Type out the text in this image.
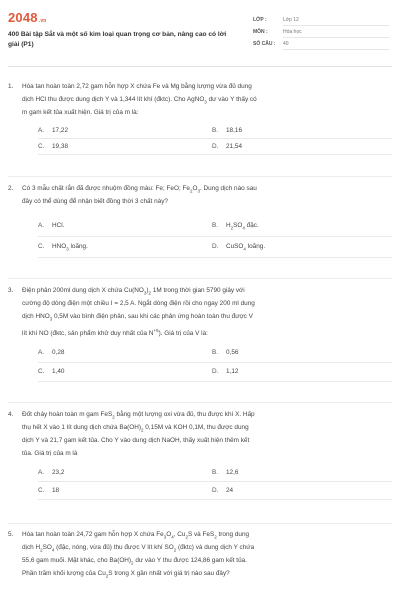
2048.vn
400 Bài tập Sắt và một số kim loại quan trọng cơ bản, nâng cao có lời giải (P1)
LỚP :	Lớp 12
MÔN :	Hóa học
SỐ CÂU :	40
1. Hòa tan hoàn toàn 2,72 gam hỗn hợp X chứa Fe và Mg bằng lượng vừa đủ dung
dịch HCl thu được dung dịch Y và 1,344 lít khí (đktc). Cho AgNO$_3$ dư vào Y thấy có
m gam kết tủa xuất hiện. Giá trị của m là:
A. 17,22	B. 18,16
C. 19,38	D. 21,54
2. Có 3 mẫu chất rắn đã được nhuộm đồng màu: Fe; FeO; $Fe_2O_3$. Dung dịch nào sau
đây có thể dùng để nhận biết đồng thời 3 chất này?
A. HCl.	B. $H_2SO_4$ đặc.
C. $HNO_3$ loãng.	D. CuSO$_4$ loãng.
3. Điện phân 200ml dung dịch X chứa $Cu(NO_3)_2$ 1M trong thời gian 5790 giây với
cường độ dòng điện một chiều I = 2,5 A. Ngắt dòng điện rồi cho ngay 200 ml dung
dịch $HNO_3$ 0,5M vào bình điện phân, sau khi các phản ứng hoàn toàn thu được V
lít khí NO (đktc, sản phẩm khử duy nhất của $N^{+5}$). Giá trị của V là:
A. 0,28	B. 0,56
C. 1,40	D. 1,12
4. Đốt cháy hoàn toàn m gam FeS$_2$ bằng một lượng oxi vừa đủ, thu được khí X. Hấp
thụ hết X vào 1 lít dung dịch chứa $Ba(OH)_2$ 0,15M và KOH 0,1M, thu được dung
dịch Y và 21,7 gam kết tủa. Cho Y vào dung dịch NaOH, thấy xuất hiện thêm kết
tủa. Giá trị của m là
A. 23,2	B. 12,6
C. 18	D. 24
5. Hòa tan hoàn toàn 24,72 gam hỗn hợp X chứa $Fe_3O_4$, $Cu_2S$ và FeS$_2$ trong dung
dịch $H_2SO_4$ (đặc, nóng, vừa đủ) thu được V lít khí $SO_2$ (đktc) và dung dịch Y chứa
55,6 gam muối. Mặt khác, cho $Ba(OH)_2$ dư vào Y thu được 124,86 gam kết tủa.
Phần trăm khối lượng của $Cu_2S$ trong X gần nhất với giá trị nào sau đây?
